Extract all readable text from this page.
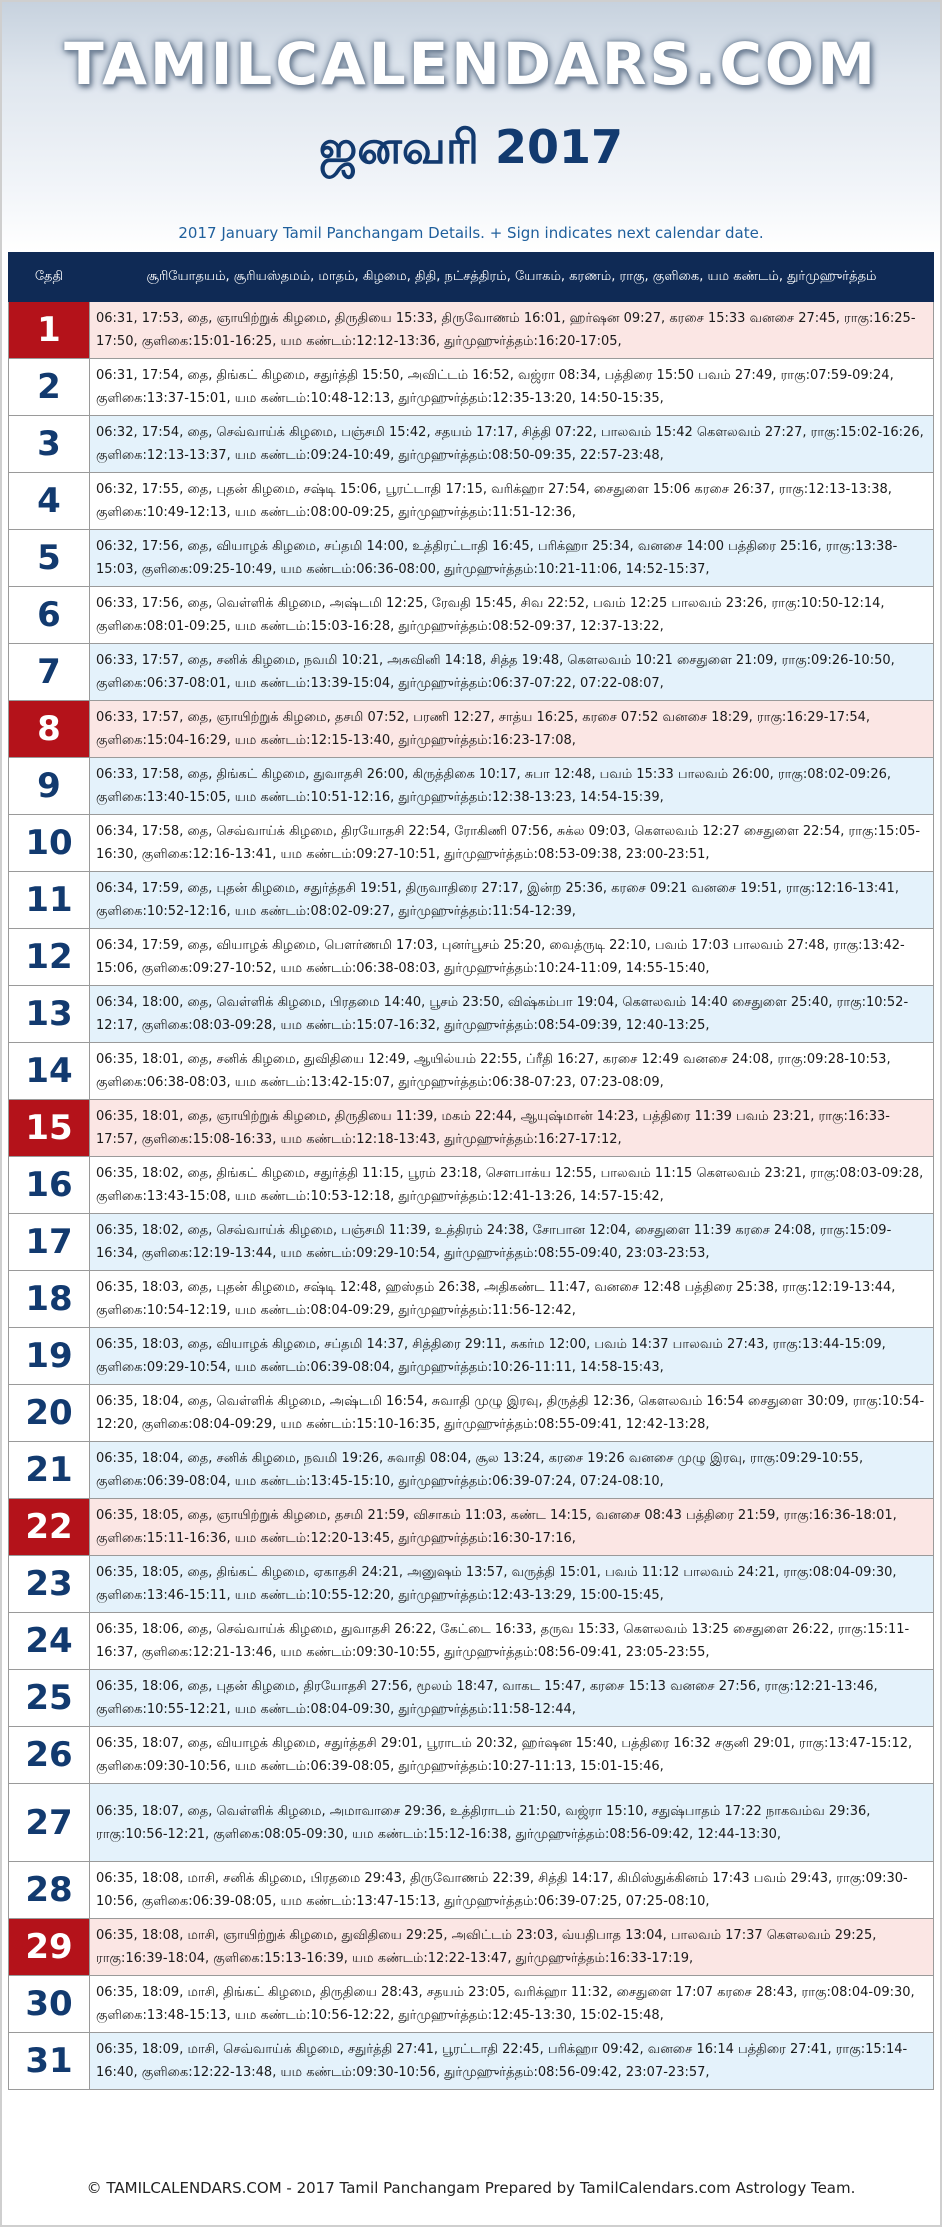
TAMILCALENDARS.COM
ஜனவரி 2017
2017 January Tamil Panchangam Details. + Sign indicates next calendar date.
தேதி	சூரியோதயம், சூரியஸ்தமம், மாதம், கிழமை, திதி, நட்சத்திரம், யோகம், கரணம், ராகு, குளிகை, யம கண்டம், துர்முஹுர்த்தம்
1	06:31, 17:53, தை, ஞாயிற்றுக் கிழமை, திருதியை 15:33, திருவோணம் 16:01, ஹர்ஷன 09:27, கரசை 15:33 வனசை 27:45, ராகு:16:25-17:50, குளிகை:15:01-16:25, யம கண்டம்:12:12-13:36, துர்முஹுர்த்தம்:16:20-17:05,
2	06:31, 17:54, தை, திங்கட் கிழமை, சதுர்த்தி 15:50, அவிட்டம் 16:52, வஜ்ரா 08:34, பத்திரை 15:50 பவம் 27:49, ராகு:07:59-09:24, குளிகை:13:37-15:01, யம கண்டம்:10:48-12:13, துர்முஹுர்த்தம்:12:35-13:20, 14:50-15:35,
3	06:32, 17:54, தை, செவ்வாய்க் கிழமை, பஞ்சமி 15:42, சதயம் 17:17, சித்தி 07:22, பாலவம் 15:42 கௌலவம் 27:27, ராகு:15:02-16:26, குளிகை:12:13-13:37, யம கண்டம்:09:24-10:49, துர்முஹுர்த்தம்:08:50-09:35, 22:57-23:48,
4	06:32, 17:55, தை, புதன் கிழமை, சஷ்டி 15:06, பூரட்டாதி 17:15, வரிக்ஹா 27:54, சைதுளை 15:06 கரசை 26:37, ராகு:12:13-13:38, குளிகை:10:49-12:13, யம கண்டம்:08:00-09:25, துர்முஹுர்த்தம்:11:51-12:36,
5	06:32, 17:56, தை, வியாழக் கிழமை, சப்தமி 14:00, உத்திரட்டாதி 16:45, பரிக்ஹா 25:34, வனசை 14:00 பத்திரை 25:16, ராகு:13:38-15:03, குளிகை:09:25-10:49, யம கண்டம்:06:36-08:00, துர்முஹுர்த்தம்:10:21-11:06, 14:52-15:37,
6	06:33, 17:56, தை, வெள்ளிக் கிழமை, அஷ்டமி 12:25, ரேவதி 15:45, சிவ 22:52, பவம் 12:25 பாலவம் 23:26, ராகு:10:50-12:14, குளிகை:08:01-09:25, யம கண்டம்:15:03-16:28, துர்முஹுர்த்தம்:08:52-09:37, 12:37-13:22,
7	06:33, 17:57, தை, சனிக் கிழமை, நவமி 10:21, அசுவினி 14:18, சித்த 19:48, கௌலவம் 10:21 சைதுளை 21:09, ராகு:09:26-10:50, குளிகை:06:37-08:01, யம கண்டம்:13:39-15:04, துர்முஹுர்த்தம்:06:37-07:22, 07:22-08:07,
8	06:33, 17:57, தை, ஞாயிற்றுக் கிழமை, தசமி 07:52, பரணி 12:27, சாத்ய 16:25, கரசை 07:52 வனசை 18:29, ராகு:16:29-17:54, குளிகை:15:04-16:29, யம கண்டம்:12:15-13:40, துர்முஹுர்த்தம்:16:23-17:08,
9	06:33, 17:58, தை, திங்கட் கிழமை, துவாதசி 26:00, கிருத்திகை 10:17, சுபா 12:48, பவம் 15:33 பாலவம் 26:00, ராகு:08:02-09:26, குளிகை:13:40-15:05, யம கண்டம்:10:51-12:16, துர்முஹுர்த்தம்:12:38-13:23, 14:54-15:39,
10	06:34, 17:58, தை, செவ்வாய்க் கிழமை, திரயோதசி 22:54, ரோகிணி 07:56, சுக்ல 09:03, கௌலவம் 12:27 சைதுளை 22:54, ராகு:15:05-16:30, குளிகை:12:16-13:41, யம கண்டம்:09:27-10:51, துர்முஹுர்த்தம்:08:53-09:38, 23:00-23:51,
11	06:34, 17:59, தை, புதன் கிழமை, சதுர்த்தசி 19:51, திருவாதிரை 27:17, இன்ற 25:36, கரசை 09:21 வனசை 19:51, ராகு:12:16-13:41, குளிகை:10:52-12:16, யம கண்டம்:08:02-09:27, துர்முஹுர்த்தம்:11:54-12:39,
12	06:34, 17:59, தை, வியாழக் கிழமை, பௌர்ணமி 17:03, புனர்பூசம் 25:20, வைத்ருடி 22:10, பவம் 17:03 பாலவம் 27:48, ராகு:13:42-15:06, குளிகை:09:27-10:52, யம கண்டம்:06:38-08:03, துர்முஹுர்த்தம்:10:24-11:09, 14:55-15:40,
13	06:34, 18:00, தை, வெள்ளிக் கிழமை, பிரதமை 14:40, பூசம் 23:50, விஷ்கம்பா 19:04, கௌலவம் 14:40 சைதுளை 25:40, ராகு:10:52-12:17, குளிகை:08:03-09:28, யம கண்டம்:15:07-16:32, துர்முஹுர்த்தம்:08:54-09:39, 12:40-13:25,
14	06:35, 18:01, தை, சனிக் கிழமை, துவிதியை 12:49, ஆயில்யம் 22:55, ப்ரீதி 16:27, கரசை 12:49 வனசை 24:08, ராகு:09:28-10:53, குளிகை:06:38-08:03, யம கண்டம்:13:42-15:07, துர்முஹுர்த்தம்:06:38-07:23, 07:23-08:09,
15	06:35, 18:01, தை, ஞாயிற்றுக் கிழமை, திருதியை 11:39, மகம் 22:44, ஆயுஷ்மான் 14:23, பத்திரை 11:39 பவம் 23:21, ராகு:16:33-17:57, குளிகை:15:08-16:33, யம கண்டம்:12:18-13:43, துர்முஹுர்த்தம்:16:27-17:12,
16	06:35, 18:02, தை, திங்கட் கிழமை, சதுர்த்தி 11:15, பூரம் 23:18, சௌபாக்ய 12:55, பாலவம் 11:15 கௌலவம் 23:21, ராகு:08:03-09:28, குளிகை:13:43-15:08, யம கண்டம்:10:53-12:18, துர்முஹுர்த்தம்:12:41-13:26, 14:57-15:42,
17	06:35, 18:02, தை, செவ்வாய்க் கிழமை, பஞ்சமி 11:39, உத்திரம் 24:38, சோபான 12:04, சைதுளை 11:39 கரசை 24:08, ராகு:15:09-16:34, குளிகை:12:19-13:44, யம கண்டம்:09:29-10:54, துர்முஹுர்த்தம்:08:55-09:40, 23:03-23:53,
18	06:35, 18:03, தை, புதன் கிழமை, சஷ்டி 12:48, ஹஸ்தம் 26:38, அதிகண்ட 11:47, வனசை 12:48 பத்திரை 25:38, ராகு:12:19-13:44, குளிகை:10:54-12:19, யம கண்டம்:08:04-09:29, துர்முஹுர்த்தம்:11:56-12:42,
19	06:35, 18:03, தை, வியாழக் கிழமை, சப்தமி 14:37, சித்திரை 29:11, சுகர்ம 12:00, பவம் 14:37 பாலவம் 27:43, ராகு:13:44-15:09, குளிகை:09:29-10:54, யம கண்டம்:06:39-08:04, துர்முஹுர்த்தம்:10:26-11:11, 14:58-15:43,
20	06:35, 18:04, தை, வெள்ளிக் கிழமை, அஷ்டமி 16:54, சுவாதி முழு இரவு, திருத்தி 12:36, கௌலவம் 16:54 சைதுளை 30:09, ராகு:10:54-12:20, குளிகை:08:04-09:29, யம கண்டம்:15:10-16:35, துர்முஹுர்த்தம்:08:55-09:41, 12:42-13:28,
21	06:35, 18:04, தை, சனிக் கிழமை, நவமி 19:26, சுவாதி 08:04, சூல 13:24, கரசை 19:26 வனசை முழு இரவு, ராகு:09:29-10:55, குளிகை:06:39-08:04, யம கண்டம்:13:45-15:10, துர்முஹுர்த்தம்:06:39-07:24, 07:24-08:10,
22	06:35, 18:05, தை, ஞாயிற்றுக் கிழமை, தசமி 21:59, விசாகம் 11:03, கண்ட 14:15, வனசை 08:43 பத்திரை 21:59, ராகு:16:36-18:01, குளிகை:15:11-16:36, யம கண்டம்:12:20-13:45, துர்முஹுர்த்தம்:16:30-17:16,
23	06:35, 18:05, தை, திங்கட் கிழமை, ஏகாதசி 24:21, அனுஷம் 13:57, வருத்தி 15:01, பவம் 11:12 பாலவம் 24:21, ராகு:08:04-09:30, குளிகை:13:46-15:11, யம கண்டம்:10:55-12:20, துர்முஹுர்த்தம்:12:43-13:29, 15:00-15:45,
24	06:35, 18:06, தை, செவ்வாய்க் கிழமை, துவாதசி 26:22, கேட்டை 16:33, தருவ 15:33, கௌலவம் 13:25 சைதுளை 26:22, ராகு:15:11-16:37, குளிகை:12:21-13:46, யம கண்டம்:09:30-10:55, துர்முஹுர்த்தம்:08:56-09:41, 23:05-23:55,
25	06:35, 18:06, தை, புதன் கிழமை, திரயோதசி 27:56, மூலம் 18:47, வாகட 15:47, கரசை 15:13 வனசை 27:56, ராகு:12:21-13:46, குளிகை:10:55-12:21, யம கண்டம்:08:04-09:30, துர்முஹுர்த்தம்:11:58-12:44,
26	06:35, 18:07, தை, வியாழக் கிழமை, சதுர்த்தசி 29:01, பூராடம் 20:32, ஹர்ஷன 15:40, பத்திரை 16:32 சகுனி 29:01, ராகு:13:47-15:12, குளிகை:09:30-10:56, யம கண்டம்:06:39-08:05, துர்முஹுர்த்தம்:10:27-11:13, 15:01-15:46,
27	06:35, 18:07, தை, வெள்ளிக் கிழமை, அமாவாசை 29:36, உத்திராடம் 21:50, வஜ்ரா 15:10, சதுஷ்பாதம் 17:22 நாகவம்வ 29:36, ராகு:10:56-12:21, குளிகை:08:05-09:30, யம கண்டம்:15:12-16:38, துர்முஹுர்த்தம்:08:56-09:42, 12:44-13:30,
28	06:35, 18:08, மாசி, சனிக் கிழமை, பிரதமை 29:43, திருவோணம் 22:39, சித்தி 14:17, கிமிஸ்துக்கினம் 17:43 பவம் 29:43, ராகு:09:30-10:56, குளிகை:06:39-08:05, யம கண்டம்:13:47-15:13, துர்முஹுர்த்தம்:06:39-07:25, 07:25-08:10,
29	06:35, 18:08, மாசி, ஞாயிற்றுக் கிழமை, துவிதியை 29:25, அவிட்டம் 23:03, வ்யதிபாத 13:04, பாலவம் 17:37 கௌலவம் 29:25, ராகு:16:39-18:04, குளிகை:15:13-16:39, யம கண்டம்:12:22-13:47, துர்முஹுர்த்தம்:16:33-17:19,
30	06:35, 18:09, மாசி, திங்கட் கிழமை, திருதியை 28:43, சதயம் 23:05, வரிக்ஹா 11:32, சைதுளை 17:07 கரசை 28:43, ராகு:08:04-09:30, குளிகை:13:48-15:13, யம கண்டம்:10:56-12:22, துர்முஹுர்த்தம்:12:45-13:30, 15:02-15:48,
31	06:35, 18:09, மாசி, செவ்வாய்க் கிழமை, சதுர்த்தி 27:41, பூரட்டாதி 22:45, பரிக்ஹா 09:42, வனசை 16:14 பத்திரை 27:41, ராகு:15:14-16:40, குளிகை:12:22-13:48, யம கண்டம்:09:30-10:56, துர்முஹுர்த்தம்:08:56-09:42, 23:07-23:57,
© TAMILCALENDARS.COM - 2017 Tamil Panchangam Prepared by TamilCalendars.com Astrology Team.
